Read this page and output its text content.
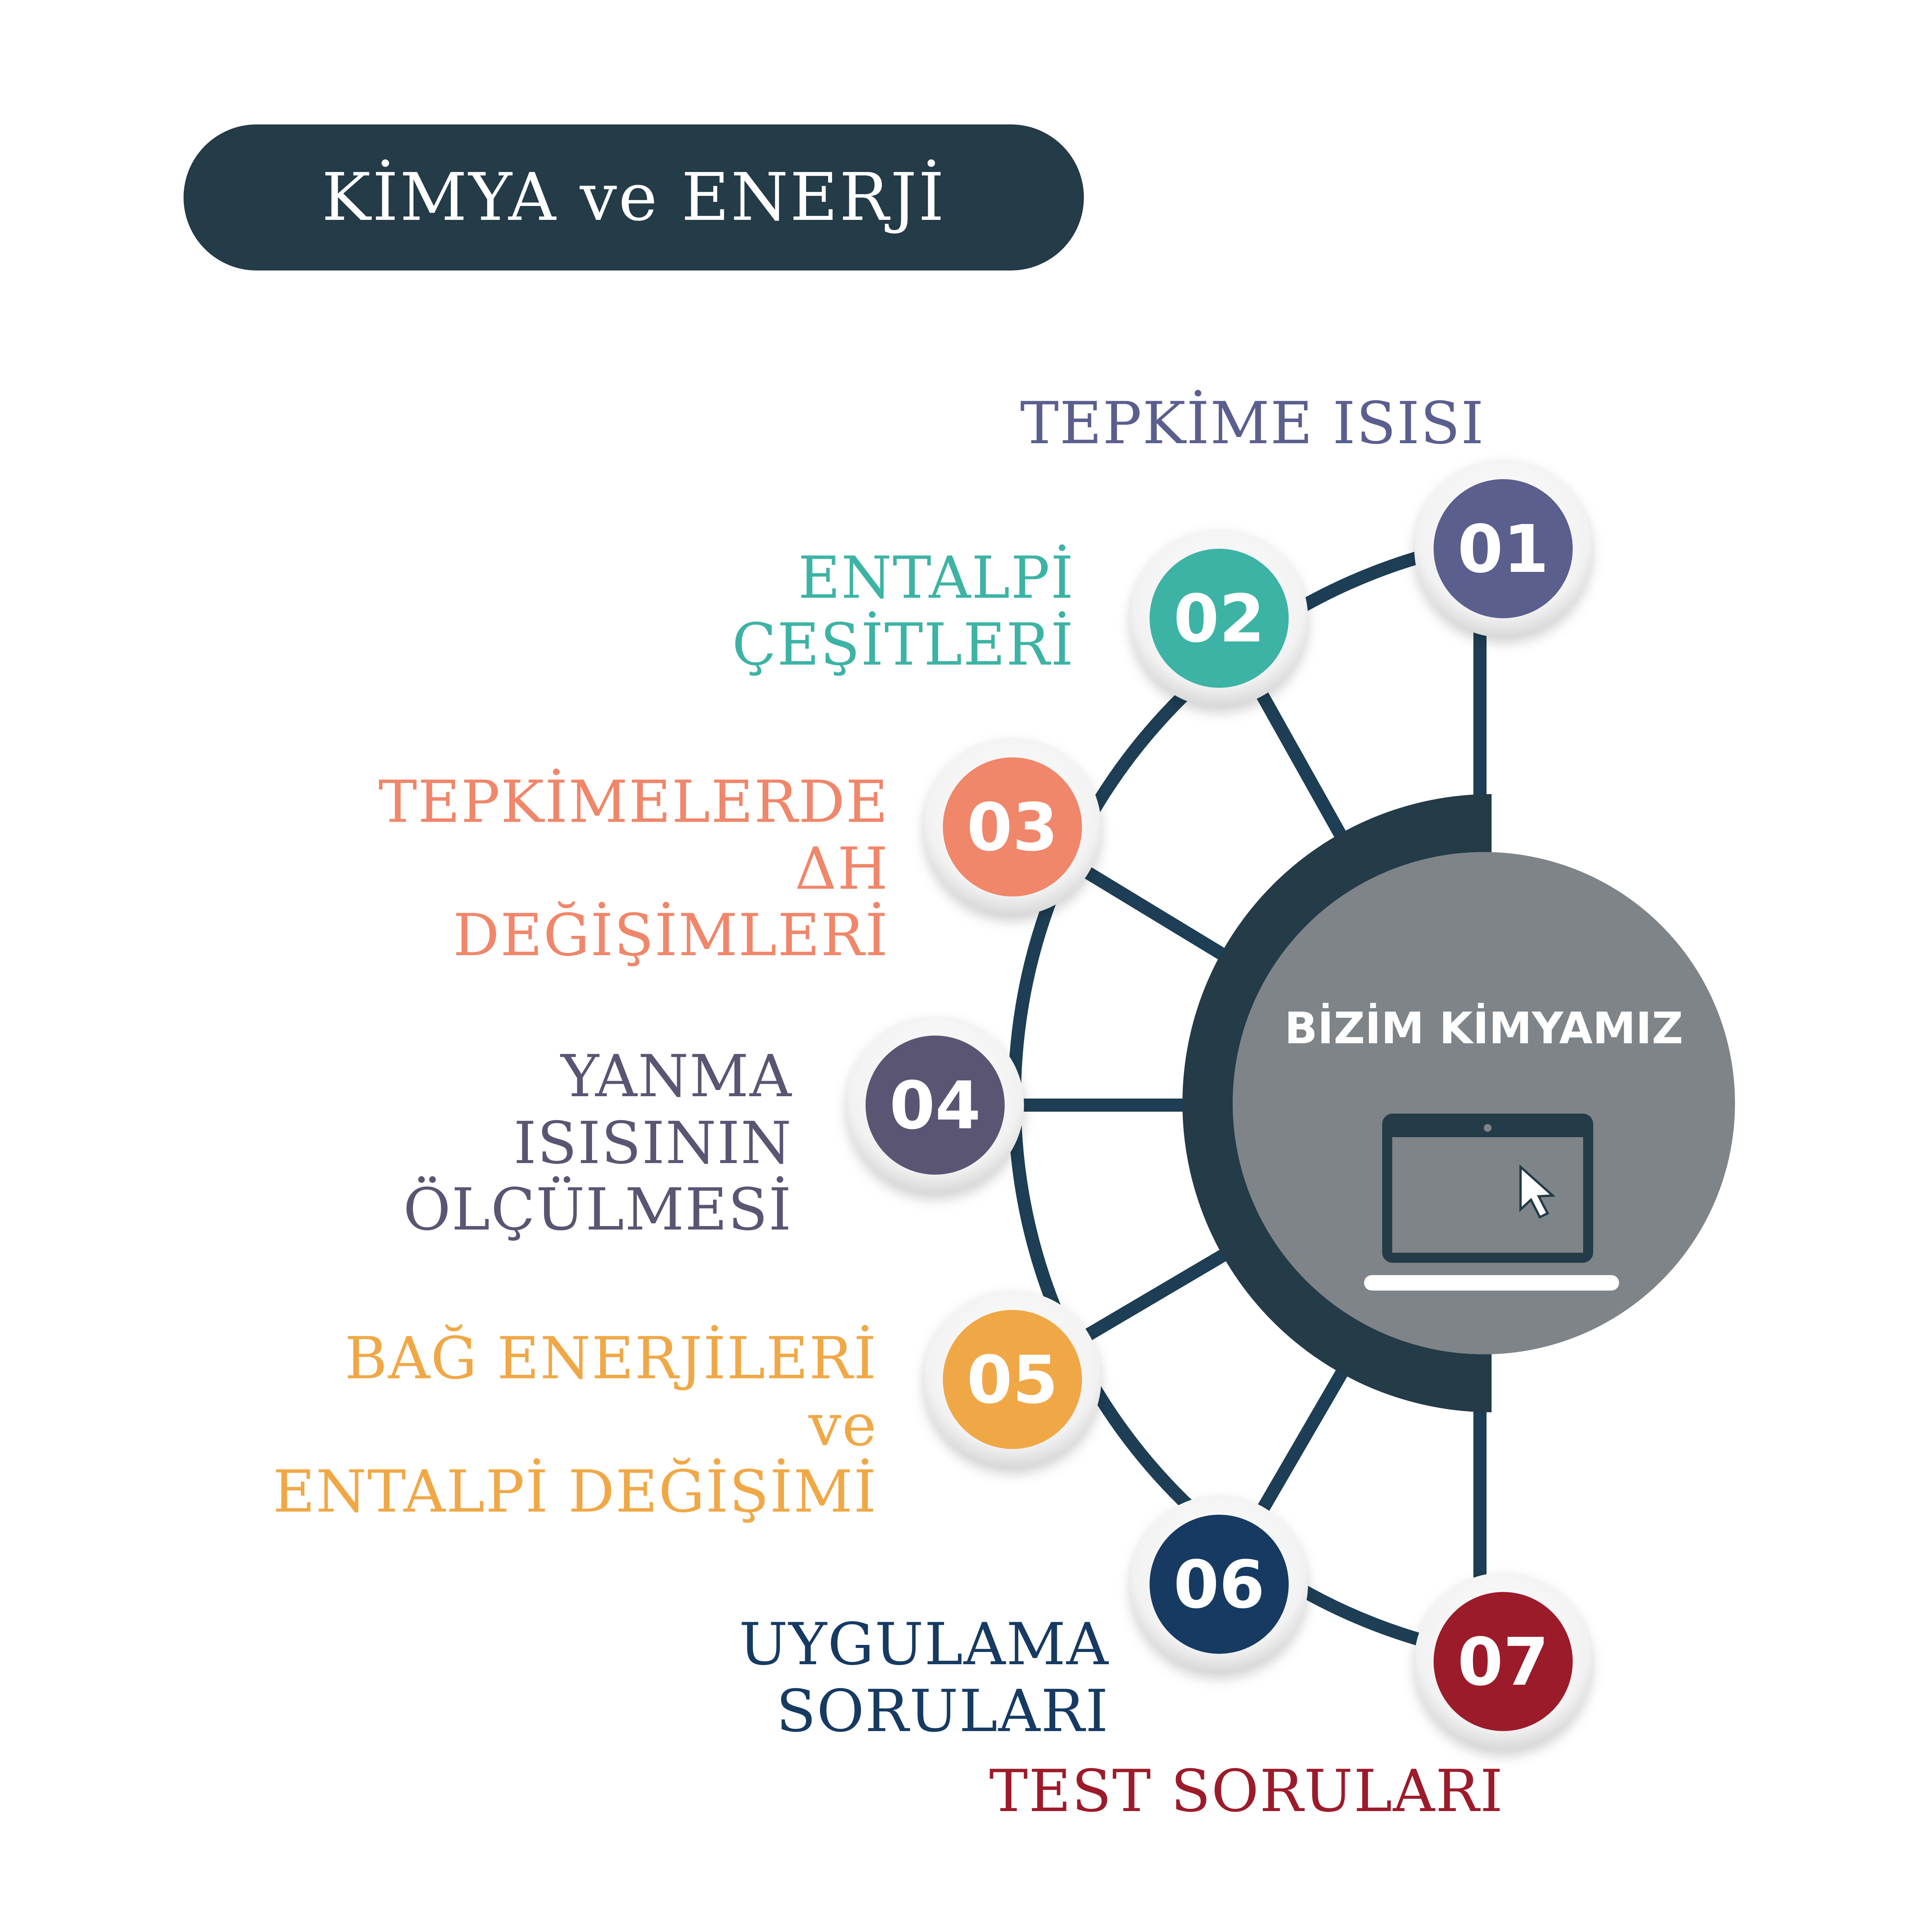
KİMYA ve ENERJİ
BİZİM KİMYAMIZ
01
02
03
04
05
06
07
TEPKİME ISISI
ENTALPİ ÇEŞİTLERİ
TEPKİMELERDE ΔH
DEĞİŞİMLERİ
YANMA ISISININ
ÖLÇÜLMESİ
BAĞ ENERJİLERİ ve
ENTALPİ DEĞİŞİMİ
UYGULAMA SORULARI
TEST SORULARI
